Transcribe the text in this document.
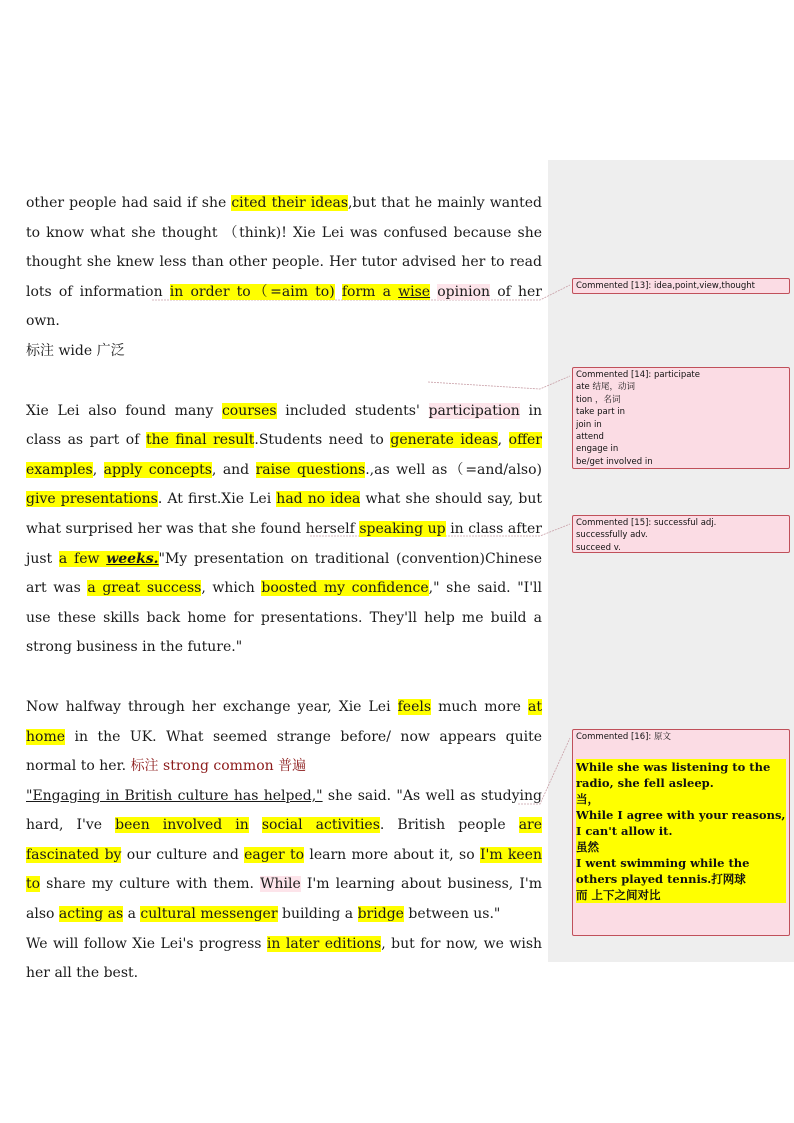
other people had said if she cited their ideas,but that he mainly wanted to know what she thought （think)! Xie Lei was confused because she thought she knew less than other people. Her tutor advised her to read lots of information in order to（=aim to) form a wise opinion of her own.

标注 wide 广泛

Xie Lei also found many courses included students' participation in class as part of the final result.Students need to generate ideas, offer examples, apply concepts, and raise questions.,as well as（=and/also) give presentations. At first.Xie Lei had no idea what she should say, but what surprised her was that she found herself speaking up in class after just a few weeks."My presentation on traditional (convention)Chinese art was a great success, which boosted my confidence," she said. "I'll use these skills back home for presentations. They'll help me build a strong business in the future."

Now halfway through her exchange year, Xie Lei feels much more at home in the UK. What seemed strange before/ now appears quite normal to her. 标注 strong common 普遍

"Engaging in British culture has helped," she said. "As well as studying hard, I've been involved in social activities. British people are fascinated by our culture and eager to learn more about it, so I'm keen to share my culture with them. While I'm learning about business, I'm also acting as a cultural messenger building a bridge between us."

We will follow Xie Lei's progress in later editions, but for now, we wish her all the best.

Commented [13]: idea,point,view,thought
Commented [14]: participate
ate 结尾，动词
tion ，名词
take part in
join in
attend
engage in
be/get involved in
Commented [15]: successful adj.
successfully adv.
succeed v.
Commented [16]: 原文

While she was listening to the radio, she fell asleep.
当，
While I agree with your reasons, I can't allow it.
虽然
I went swimming while the others played tennis.打网球
而 上下之间对比
